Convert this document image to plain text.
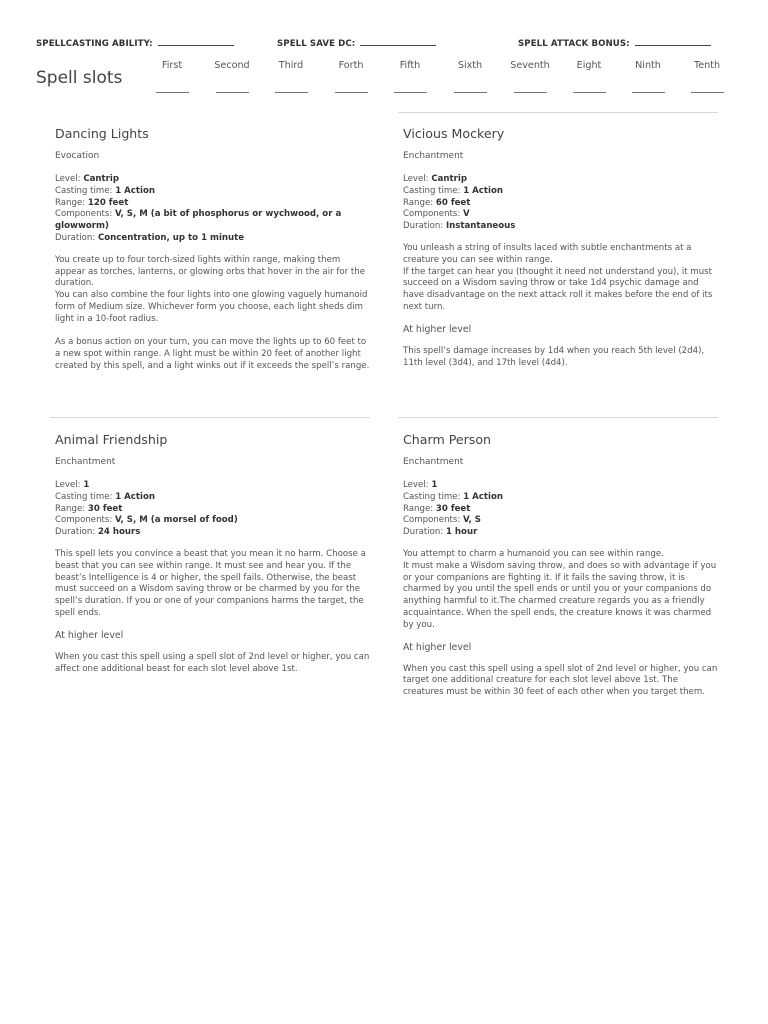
SPELLCASTING ABILITY:	SPELL SAVE DC:	SPELL ATTACK BONUS:
Spell slots
First	Second	Third	Forth	Fifth	Sixth	Seventh	Eight	Ninth	Tenth
Dancing Lights

Evocation

Level: Cantrip
Casting time: 1 Action
Range: 120 feet
Components: V, S, M (a bit of phosphorus or wychwood, or a glowworm)
Duration: Concentration, up to 1 minute

You create up to four torch-sized lights within range, making them appear as torches, lanterns, or glowing orbs that hover in the air for the duration.
You can also combine the four lights into one glowing vaguely humanoid form of Medium size. Whichever form you choose, each light sheds dim light in a 10-foot radius.

As a bonus action on your turn, you can move the lights up to 60 feet to a new spot within range. A light must be within 20 feet of another light created by this spell, and a light winks out if it exceeds the spell’s range.

Vicious Mockery

Enchantment

Level: Cantrip
Casting time: 1 Action
Range: 60 feet
Components: V
Duration: Instantaneous

You unleash a string of insults laced with subtle enchantments at a creature you can see within range.
If the target can hear you (thought it need not understand you), it must succeed on a Wisdom saving throw or take 1d4 psychic damage and have disadvantage on the next attack roll it makes before the end of its next turn.

At higher level

This spell’s damage increases by 1d4 when you reach 5th level (2d4), 11th level (3d4), and 17th level (4d4).

Animal Friendship

Enchantment

Level: 1
Casting time: 1 Action
Range: 30 feet
Components: V, S, M (a morsel of food)
Duration: 24 hours

This spell lets you convince a beast that you mean it no harm. Choose a beast that you can see within range. It must see and hear you. If the beast’s Intelligence is 4 or higher, the spell fails. Otherwise, the beast must succeed on a Wisdom saving throw or be charmed by you for the spell’s duration. If you or one of your companions harms the target, the spell ends.

At higher level

When you cast this spell using a spell slot of 2nd level or higher, you can affect one additional beast for each slot level above 1st.

Charm Person

Enchantment

Level: 1
Casting time: 1 Action
Range: 30 feet
Components: V, S
Duration: 1 hour

You attempt to charm a humanoid you can see within range.
It must make a Wisdom saving throw, and does so with advantage if you or your companions are fighting it. If it fails the saving throw, it is charmed by you until the spell ends or until you or your companions do anything harmful to it.The charmed creature regards you as a friendly acquaintance. When the spell ends, the creature knows it was charmed by you.

At higher level

When you cast this spell using a spell slot of 2nd level or higher, you can target one additional creature for each slot level above 1st. The creatures must be within 30 feet of each other when you target them.
